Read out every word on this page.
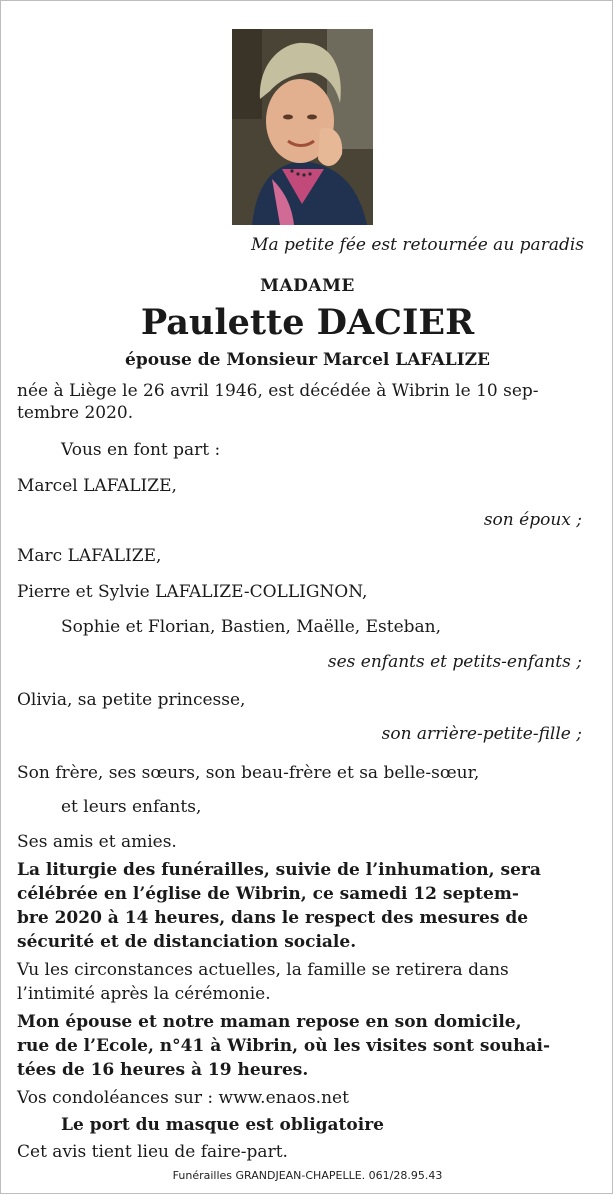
Ma petite fée est retournée au paradis

MADAME

Paulette DACIER

épouse de Monsieur Marcel LAFALIZE

née à Liège le 26 avril 1946, est décédée à Wibrin le 10 sep-

tembre 2020.

Vous en font part :

Marcel LAFALIZE,

son époux ;

Marc LAFALIZE,

Pierre et Sylvie LAFALIZE-COLLIGNON,

Sophie et Florian, Bastien, Maëlle, Esteban,

ses enfants et petits-enfants ;

Olivia, sa petite princesse,

son arrière-petite-fille ;

Son frère, ses sœurs, son beau-frère et sa belle-sœur,

et leurs enfants,

Ses amis et amies.

La liturgie des funérailles, suivie de l’inhumation, sera

célébrée en l’église de Wibrin, ce samedi 12 septem-

bre 2020 à 14 heures, dans le respect des mesures de

sécurité et de distanciation sociale.

Vu les circonstances actuelles, la famille se retirera dans

l’intimité après la cérémonie.

Mon épouse et notre maman repose en son domicile,

rue de l’Ecole, n°41 à Wibrin, où les visites sont souhai-

tées de 16 heures à 19 heures.

Vos condoléances sur : www.enaos.net

Le port du masque est obligatoire

Cet avis tient lieu de faire-part.

Funérailles GRANDJEAN-CHAPELLE. 061/28.95.43
